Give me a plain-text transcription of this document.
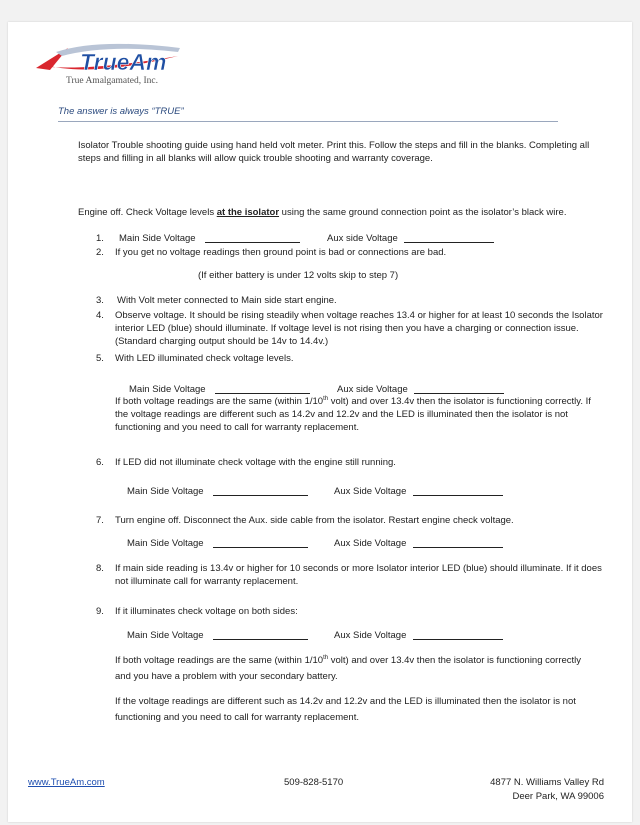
TrueAm
True Amalgamated, Inc.
The answer is always “TRUE”
Isolator Trouble shooting guide using hand held volt meter. Print this. Follow the steps and fill in the blanks. Completing all steps and filling in all blanks will allow quick trouble shooting and warranty coverage.
Engine off. Check Voltage levels at the isolator using the same ground connection point as the isolator’s black wire.
1. Main Side Voltage	Aux side Voltage
2. If you get no voltage readings then ground point is bad or connections are bad.
(If either battery is under 12 volts skip to step 7)
3. With Volt meter connected to Main side start engine.
4. Observe voltage. It should be rising steadily when voltage reaches 13.4 or higher for at least 10 seconds the Isolator interior LED (blue) should illuminate. If voltage level is not rising then you have a charging or connection issue. (Standard charging output should be 14v to 14.4v.)
5. With LED illuminated check voltage levels.
Main Side Voltage	Aux side Voltage
If both voltage readings are the same (within 1/10th volt) and over 13.4v then the isolator is functioning correctly. If the voltage readings are different such as 14.2v and 12.2v and the LED is illuminated then the isolator is not functioning and you need to call for warranty replacement.
6. If LED did not illuminate check voltage with the engine still running.
Main Side Voltage	Aux Side Voltage
7. Turn engine off. Disconnect the Aux. side cable from the isolator. Restart engine check voltage.
Main Side Voltage	Aux Side Voltage
8. If main side reading is 13.4v or higher for 10 seconds or more Isolator interior LED (blue) should illuminate. If it does not illuminate call for warranty replacement.
9. If it illuminates check voltage on both sides:
Main Side Voltage	Aux Side Voltage
If both voltage readings are the same (within 1/10th volt) and over 13.4v then the isolator is functioning correctly and you have a problem with your secondary battery.
If the voltage readings are different such as 14.2v and 12.2v and the LED is illuminated then the isolator is not functioning and you need to call for warranty replacement.
www.TrueAm.com	509-828-5170	4877 N. Williams Valley Rd
Deer Park, WA 99006
